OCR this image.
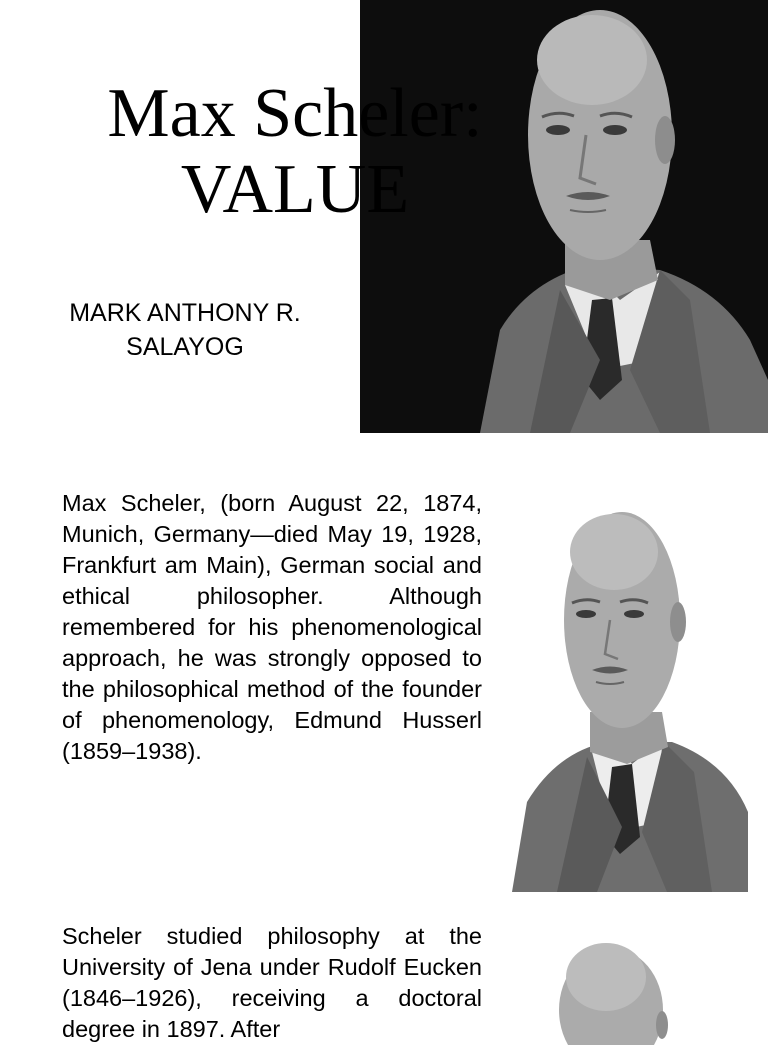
Max Scheler:
VALUE
MARK ANTHONY R.
SALAYOG

Max Scheler, (born August 22, 1874, Munich, Germany—died May 19, 1928, Frankfurt am Main), German social and ethical philosopher. Although remembered for his phenomenological approach, he was strongly opposed to the philosophical method of the founder of phenomenology, Edmund Husserl (1859–1938).

Scheler studied philosophy at the University of Jena under Rudolf Eucken (1846–1926), receiving a doctoral degree in 1897. After
